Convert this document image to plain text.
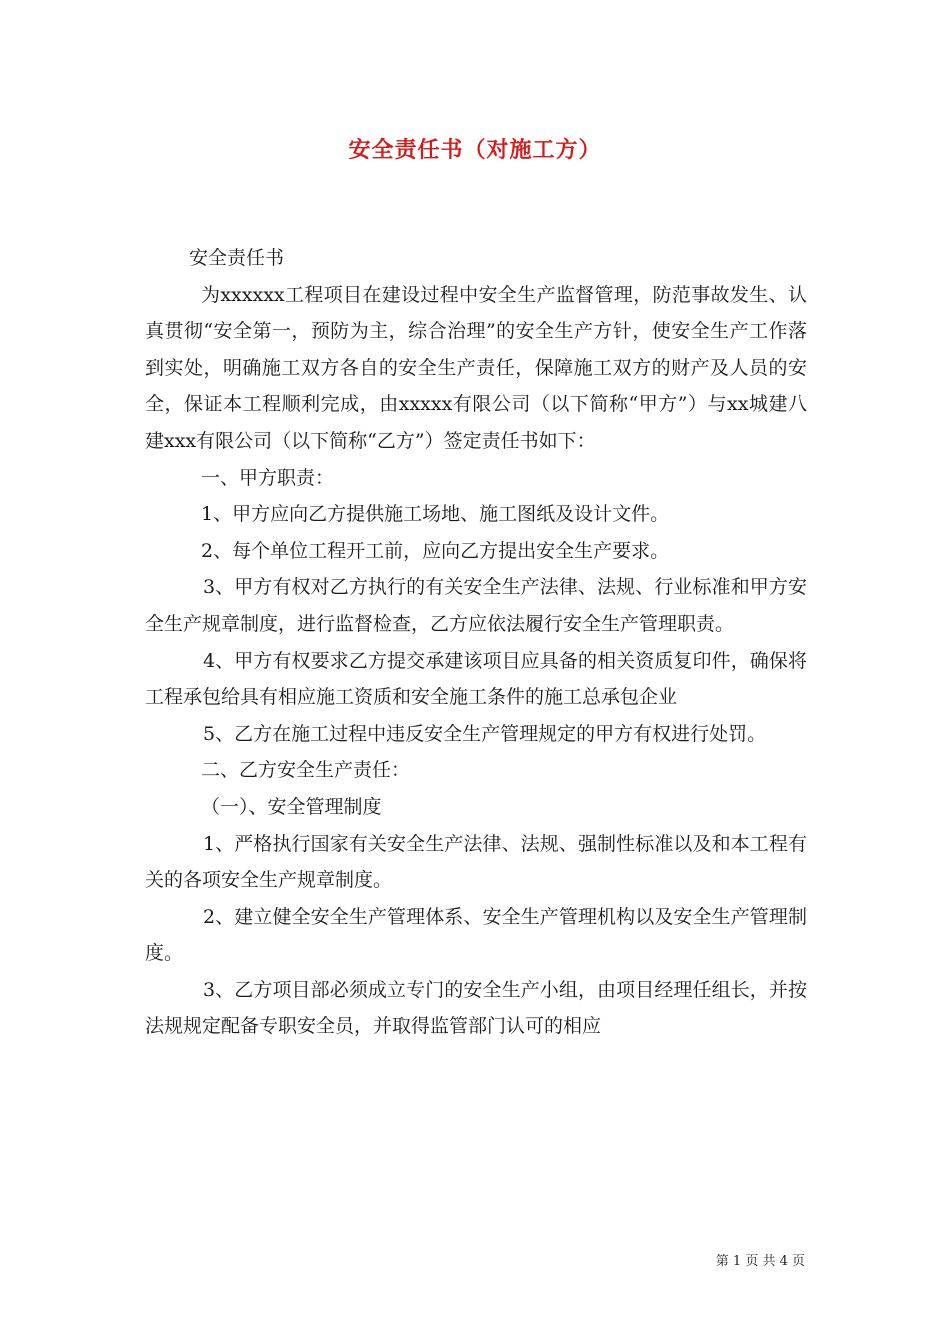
安全责任书（对施工方）

安全责任书

为xxxxxx工程项目在建设过程中安全生产监督管理，防范事故发生、认真贯彻“安全第一，预防为主，综合治理”的安全生产方针，使安全生产工作落到实处，明确施工双方各自的安全生产责任，保障施工双方的财产及人员的安全，保证本工程顺利完成，由xxxxx有限公司（以下简称“甲方”）与xx城建八建xxx有限公司（以下简称“乙方”）签定责任书如下：

一、甲方职责：

1、甲方应向乙方提供施工场地、施工图纸及设计文件。

2、每个单位工程开工前，应向乙方提出安全生产要求。

3、甲方有权对乙方执行的有关安全生产法律、法规、行业标准和甲方安全生产规章制度，进行监督检查，乙方应依法履行安全生产管理职责。

4、甲方有权要求乙方提交承建该项目应具备的相关资质复印件，确保将工程承包给具有相应施工资质和安全施工条件的施工总承包企业

5、乙方在施工过程中违反安全生产管理规定的甲方有权进行处罚。

二、乙方安全生产责任：

（一）、安全管理制度

1、严格执行国家有关安全生产法律、法规、强制性标准以及和本工程有关的各项安全生产规章制度。

2、建立健全安全生产管理体系、安全生产管理机构以及安全生产管理制度。

3、乙方项目部必须成立专门的安全生产小组，由项目经理任组长，并按法规规定配备专职安全员，并取得监管部门认可的相应

第 1 页 共 4 页
